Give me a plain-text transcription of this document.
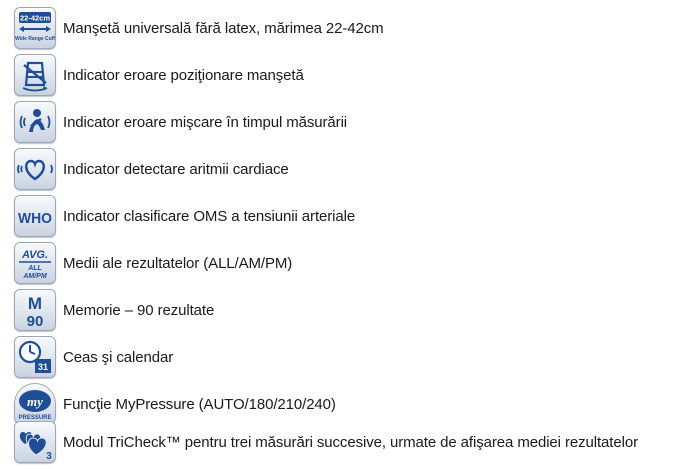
22-42cm
Wide Range Cuff
Manşetă universală fără latex, mărimea 22-42cm
Indicator eroare poziţionare manşetă
Indicator eroare mişcare în timpul măsurării
Indicator detectare aritmii cardiace
WHO Indicator clasificare OMS a tensiunii arteriale
AVG.
ALL
AM/PM
Medii ale rezultatelor (ALL/AM/PM)
M
90
Memorie – 90 rezultate
31
Ceas şi calendar
my
PRESSURE
Funcţie MyPressure (AUTO/180/210/240)
3
Modul TriCheck™ pentru trei măsurări succesive, urmate de afişarea mediei rezultatelor
